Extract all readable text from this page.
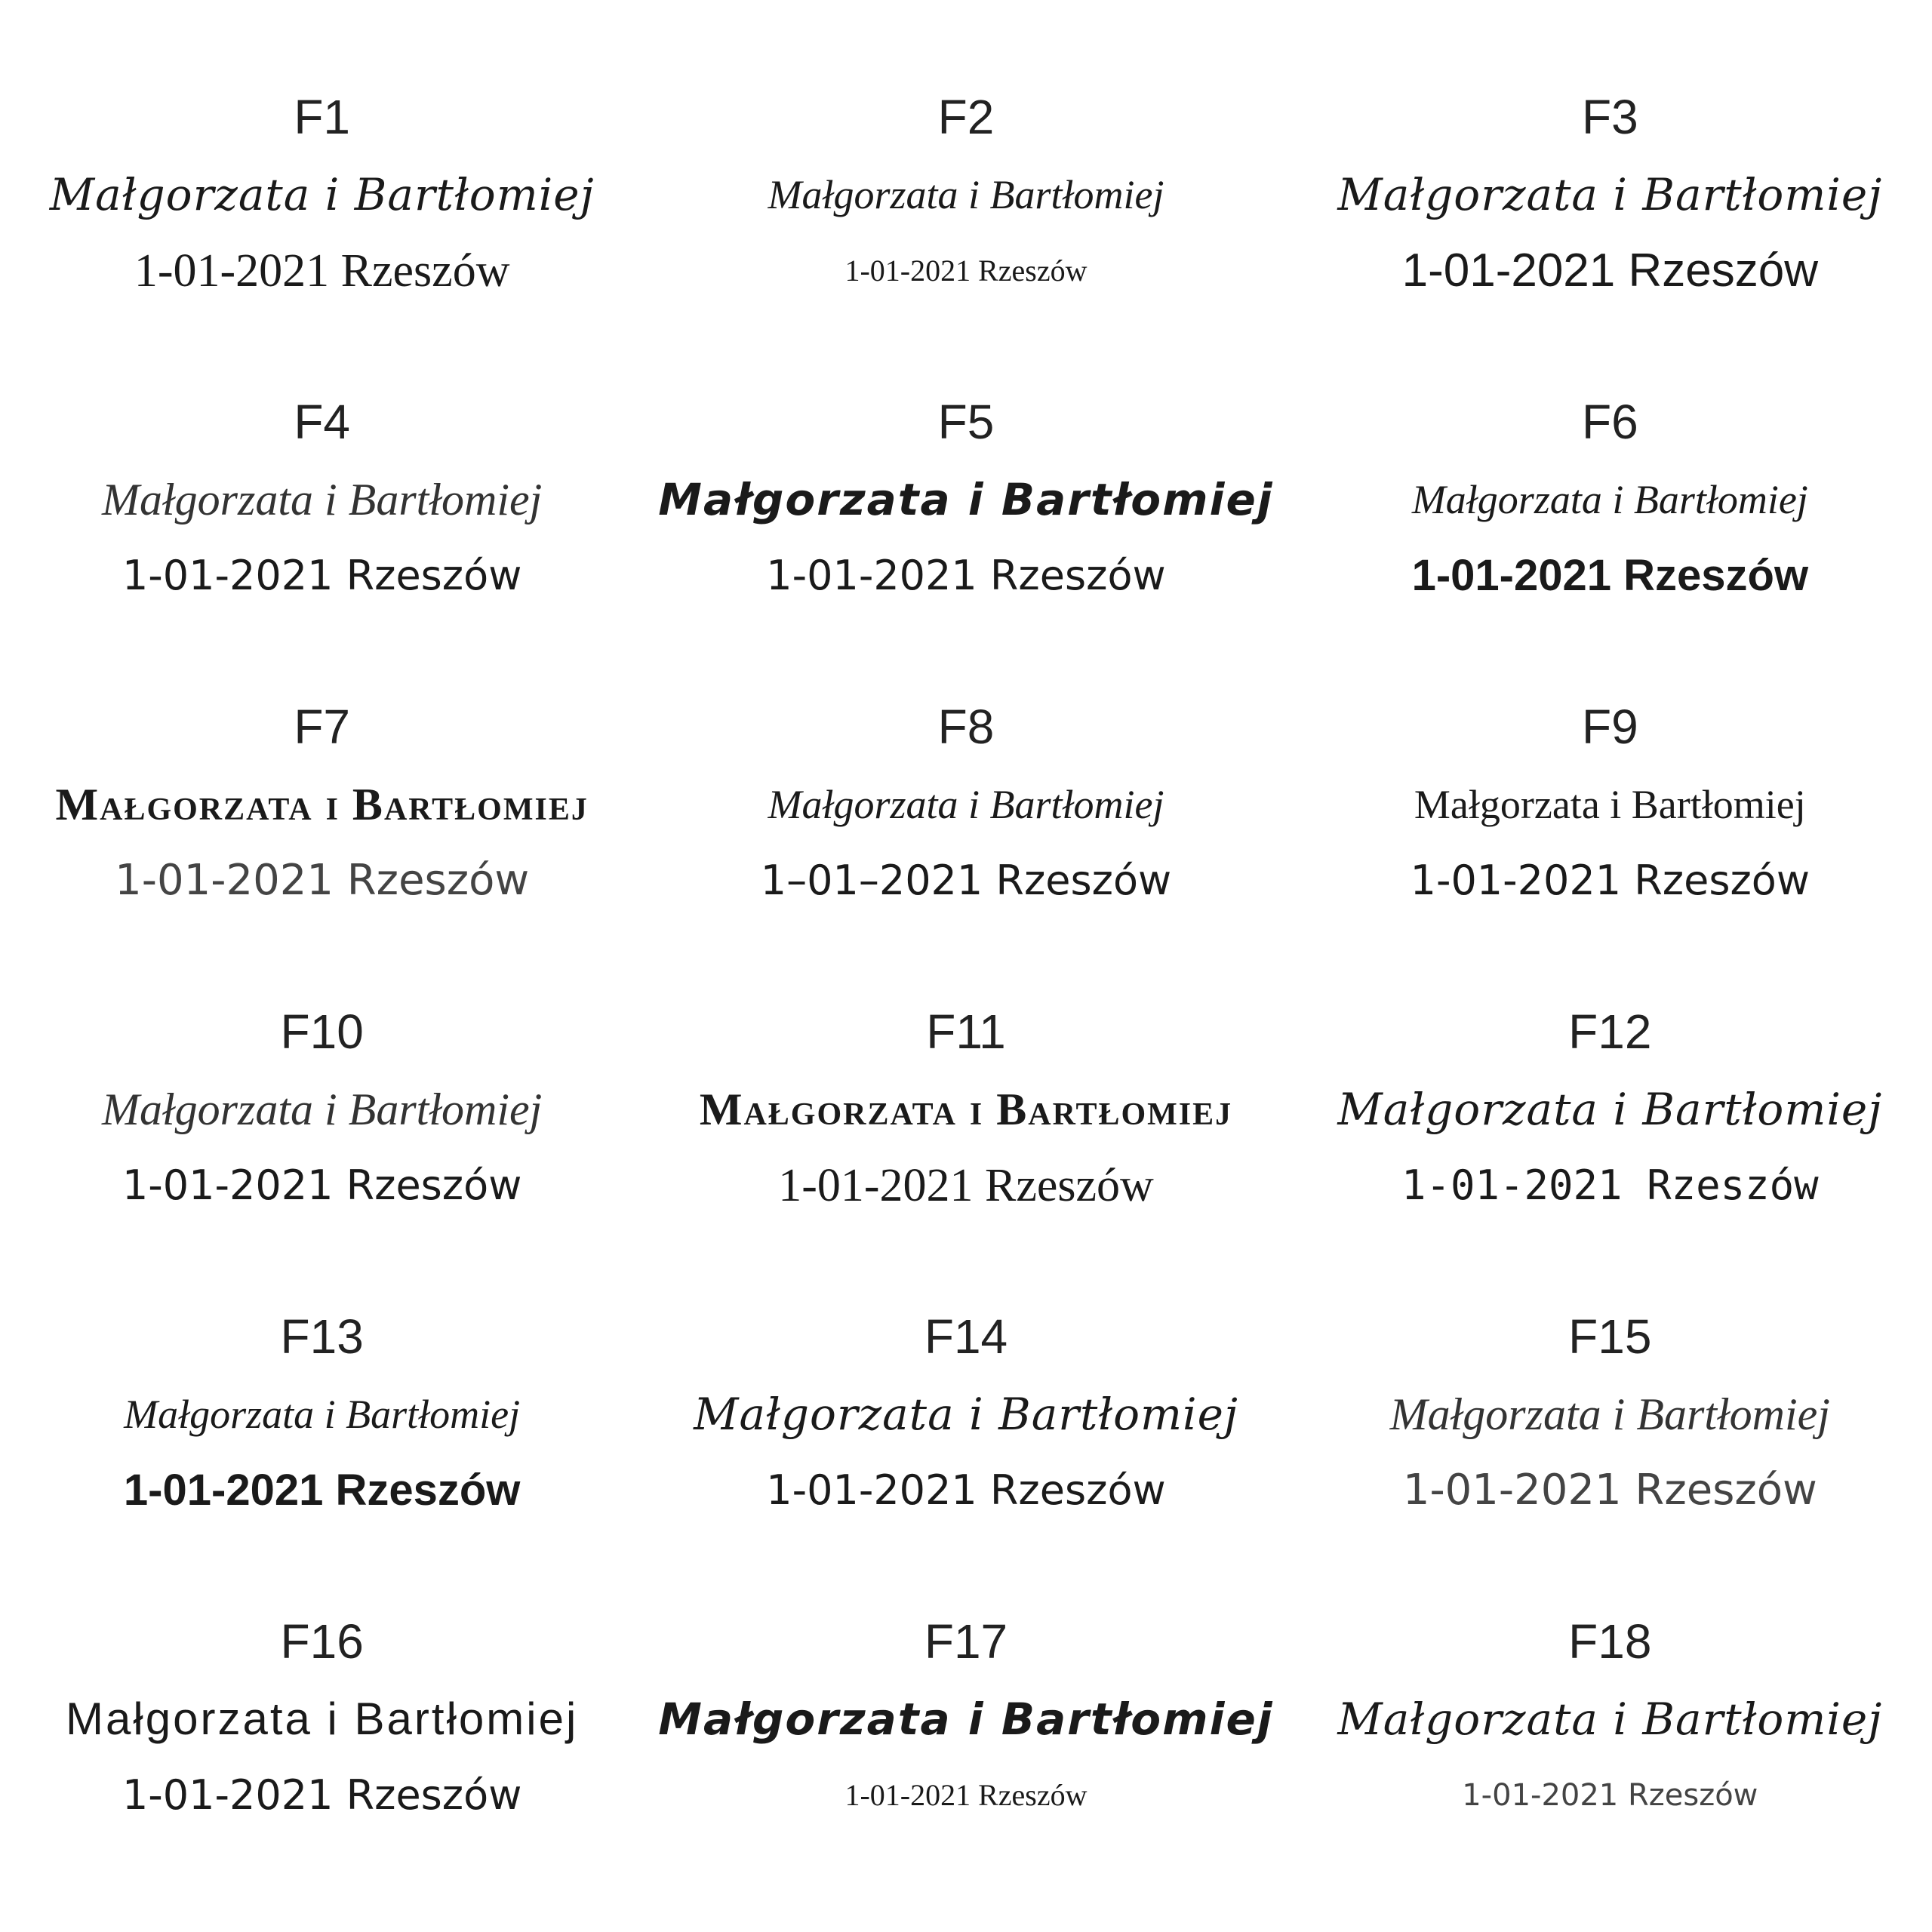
F1
Małgorzata i Bartłomiej
1-01-2021 Rzeszów
F2
Małgorzata i Bartłomiej
1-01-2021 Rzeszów
F3
Małgorzata i Bartłomiej
1-01-2021 Rzeszów
F4
Małgorzata i Bartłomiej
1-01-2021 Rzeszów
F5
Małgorzata i Bartłomiej
1-01-2021 Rzeszów
F6
Małgorzata i Bartłomiej
1-01-2021 Rzeszów
F7
Małgorzata i Bartłomiej
1-01-2021 Rzeszów
F8
Małgorzata i Bartłomiej
1–01–2021 Rzeszów
F9
Małgorzata i Bartłomiej
1-01-2021 Rzeszów
F10
Małgorzata i Bartłomiej
1-01-2021 Rzeszów
F11
Małgorzata i Bartłomiej
1-01-2021 Rzeszów
F12
Małgorzata i Bartłomiej
1-01-2021 Rzeszów
F13
Małgorzata i Bartłomiej
1-01-2021 Rzeszów
F14
Małgorzata i Bartłomiej
1-01-2021 Rzeszów
F15
Małgorzata i Bartłomiej
1-01-2021 Rzeszów
F16
Małgorzata i Bartłomiej
1-01-2021 Rzeszów
F17
Małgorzata i Bartłomiej
1-01-2021 Rzeszów
F18
Małgorzata i Bartłomiej
1-01-2021 Rzeszów
